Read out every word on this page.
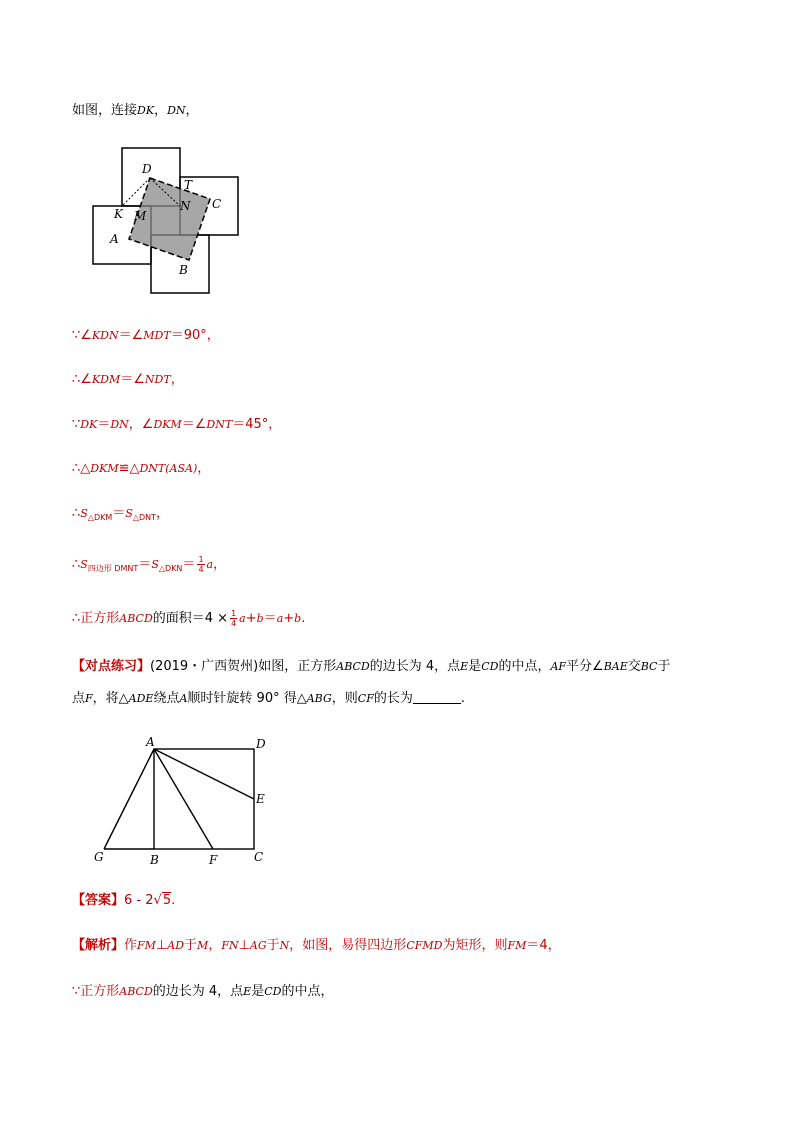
如图，连接DK，DN，
D
T
C
N
K M
A
B
∵∠KDN＝∠MDT＝90°，
∴∠KDM＝∠NDT，
∵DK＝DN，∠DKM＝∠DNT＝45°，
∴△DKM≌△DNT(ASA)，
$\therefore S_{\triangle DKM}=S_{\triangle DNT}$，
$\therefore S_{四边形 DMNT}=S_{\triangle DKN}= \frac{1}{4}$ a，
∴正方形ABCD的面积$=4 \times \frac{1}{4} a+b=a+b$.
【对点练习】(2019・广西贺州)如图，正方形ABCD的边长为 4，点E是CD的中点，AF平分∠BAE交BC于
点F，将△ADE绕点A顺时针旋转 90° 得△ABG，则CF的长为	.
A	D
E
G	B	F	C
【答案】6 - 2√5.
【解析】作FM⊥AD于M，FN⊥AG于N，如图，易得四边形CFMD为矩形，则FM＝4，
∵正方形ABCD的边长为 4，点E是CD的中点，
